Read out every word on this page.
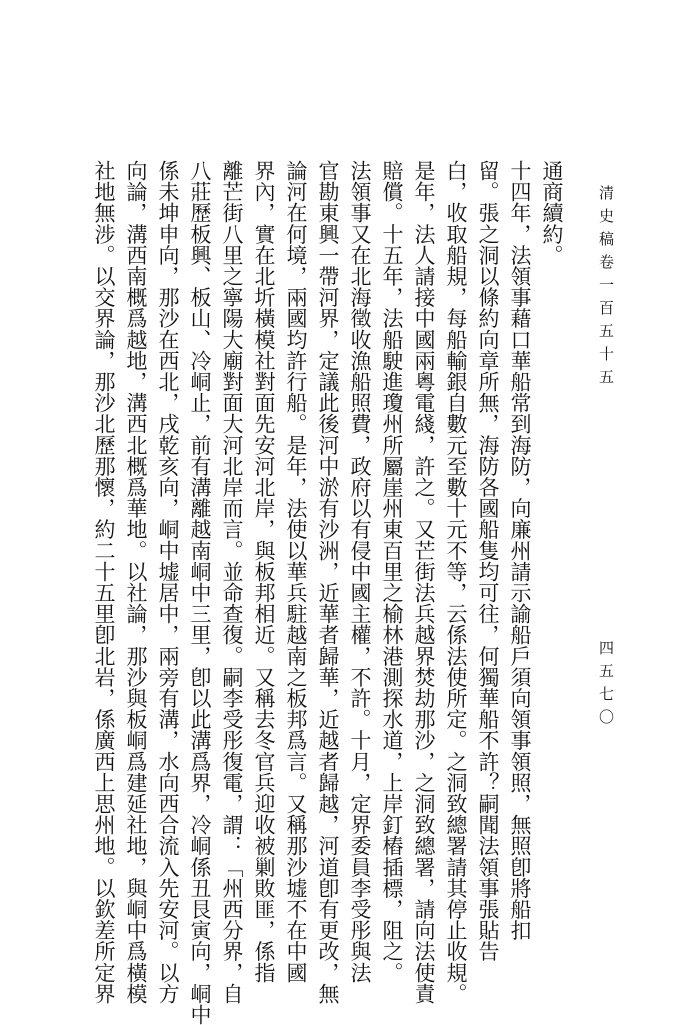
清史稿卷一百五十五
四五七〇
通商續約。
十四年，法領事藉口華船常到海防，向廉州請示諭船戶須向領事領照，無照卽將船扣
留。張之洞以條約向章所無，海防各國船隻均可往，何獨華船不許？嗣聞法領事張貼告
白，收取船規，每船輸銀自數元至數十元不等，云係法使所定。之洞致總署請其停止收規。
是年，法人請接中國兩粵電綫，許之。又芒街法兵越界焚劫那沙，之洞致總署，請向法使責
賠償。十五年，法船駛進瓊州所屬崖州東百里之榆林港測探水道，上岸釘樁插標，阻之。
法領事又在北海徵收漁船照費，政府以有侵中國主權，不許。十月，定界委員李受彤與法
官勘東興一帶河界，定議此後河中淤有沙洲，近華者歸華，近越者歸越，河道卽有更改，無
論河在何境，兩國均許行船。是年，法使以華兵駐越南之板邦爲言。又稱那沙墟不在中國
界內，實在北圻橫模社對面先安河北岸，與板邦相近。又稱去冬官兵迎收被剿敗匪，係指
離芒街八里之寧陽大廟對面大河北岸而言。並命查復。嗣李受彤復電，謂：「州西分界，自
八莊歷板興、板山、冷峒止，前有溝離越南峒中三里，卽以此溝爲界，冷峒係丑艮寅向，峒中
係未坤申向，那沙在西北，戌乾亥向，峒中墟居中，兩旁有溝，水向西合流入先安河。以方
向論，溝西南概爲越地，溝西北概爲華地。以社論，那沙與板峒爲建延社地，與峒中爲橫模
社地無涉。以交界論，那沙北歷那懷，約二十五里卽北岩，係廣西上思州地。以欽差所定界
